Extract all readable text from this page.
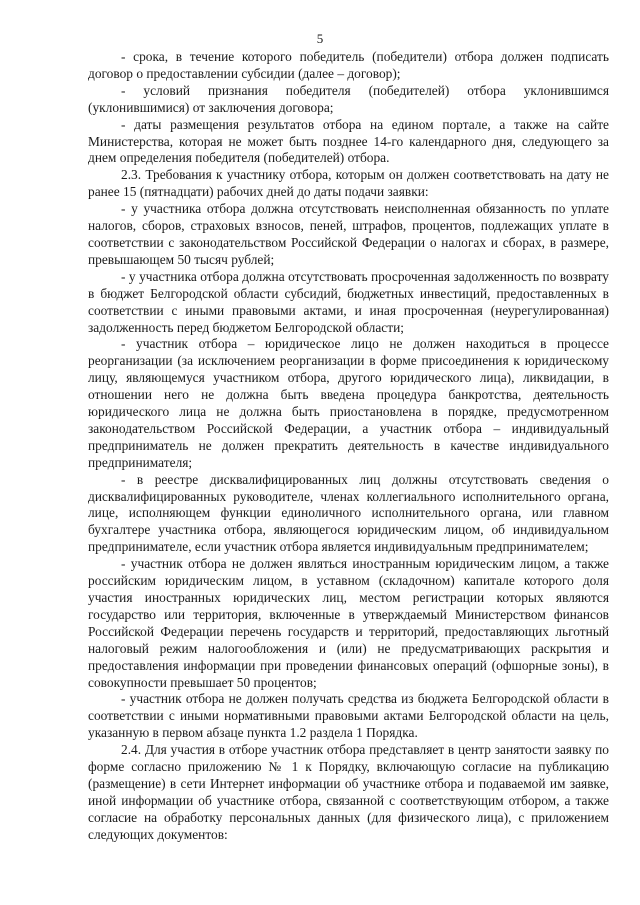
5

- срока, в течение которого победитель (победители) отбора должен подписать договор о предоставлении субсидии (далее – договор);

- условий признания победителя (победителей) отбора уклонившимся (уклонившимися) от заключения договора;

- даты размещения результатов отбора на едином портале, а также на сайте Министерства, которая не может быть позднее 14-го календарного дня, следующего за днем определения победителя (победителей) отбора.

2.3. Требования к участнику отбора, которым он должен соответствовать на дату не ранее 15 (пятнадцати) рабочих дней до даты подачи заявки:

- у участника отбора должна отсутствовать неисполненная обязанность по уплате налогов, сборов, страховых взносов, пеней, штрафов, процентов, подлежащих уплате в соответствии с законодательством Российской Федерации о налогах и сборах, в размере, превышающем 50 тысяч рублей;

- у участника отбора должна отсутствовать просроченная задолженность по возврату в бюджет Белгородской области субсидий, бюджетных инвестиций, предоставленных в соответствии с иными правовыми актами, и иная просроченная (неурегулированная) задолженность перед бюджетом Белгородской области;

- участник отбора – юридическое лицо не должен находиться в процессе реорганизации (за исключением реорганизации в форме присоединения к юридическому лицу, являющемуся участником отбора, другого юридического лица), ликвидации, в отношении него не должна быть введена процедура банкротства, деятельность юридического лица не должна быть приостановлена в порядке, предусмотренном законодательством Российской Федерации, а участник отбора – индивидуальный предприниматель не должен прекратить деятельность в качестве индивидуального предпринимателя;

- в реестре дисквалифицированных лиц должны отсутствовать сведения о дисквалифицированных руководителе, членах коллегиального исполнительного органа, лице, исполняющем функции единоличного исполнительного органа, или главном бухгалтере участника отбора, являющегося юридическим лицом, об индивидуальном предпринимателе, если участник отбора является индивидуальным предпринимателем;

- участник отбора не должен являться иностранным юридическим лицом, а также российским юридическим лицом, в уставном (складочном) капитале которого доля участия иностранных юридических лиц, местом регистрации которых являются государство или территория, включенные в утверждаемый Министерством финансов Российской Федерации перечень государств и территорий, предоставляющих льготный налоговый режим налогообложения и (или) не предусматривающих раскрытия и предоставления информации при проведении финансовых операций (офшорные зоны), в совокупности превышает 50 процентов;

- участник отбора не должен получать средства из бюджета Белгородской области в соответствии с иными нормативными правовыми актами Белгородской области на цель, указанную в первом абзаце пункта 1.2 раздела 1 Порядка.

2.4. Для участия в отборе участник отбора представляет в центр занятости заявку по форме согласно приложению № 1 к Порядку, включающую согласие на публикацию (размещение) в сети Интернет информации об участнике отбора и подаваемой им заявке, иной информации об участнике отбора, связанной с соответствующим отбором, а также согласие на обработку персональных данных (для физического лица), с приложением следующих документов:
